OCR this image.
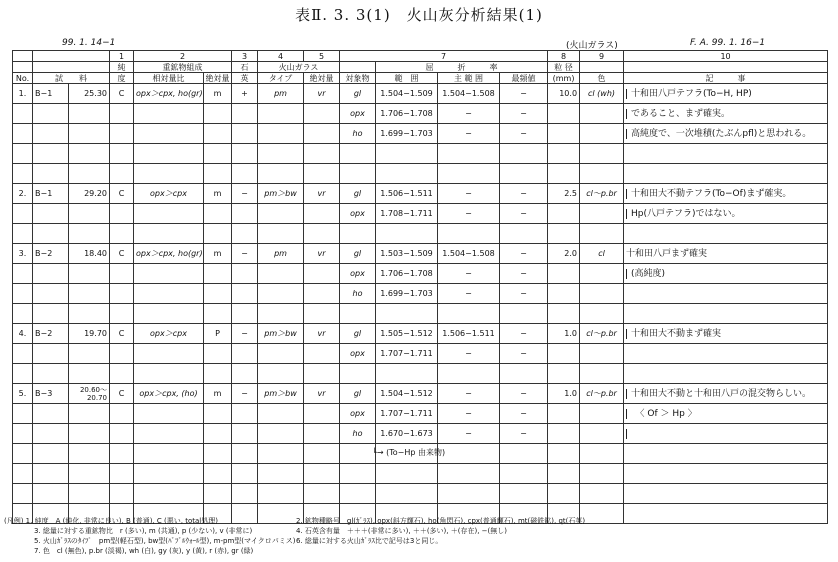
表Ⅱ. 3. 3(1)　火山灰分析結果(1)
99. 1. 14−1	(火山ガラス)	F. A. 99. 1. 16−1
			1	2		3	4	5	7				8	9	10
			純	重鉱物組成		石	火山ガラス			屈　　　折　　　率			粒 径		
No.	試　　料		度	相対量比	絶対量	英	タイプ	絶対量	対象物	範　囲	主 範 囲	最頻値	(mm)	色	記　　　事
1.	B−1	25.30	C	opx＞cpx, ho(gr)	m	+	pm	vr	gl	1.504−1.509	1.504−1.508	−	10.0	cl (wh)	十和田八戸テフラ(To−H, HP)
									opx	1.706−1.708	−	−			であること、まず確実。
									ho	1.699−1.703	−	−			高純度で、一次堆積(たぶんpfl)と思われる。

2.	B−1	29.20	C	opx＞cpx	m	−	pm＞bw	vr	gl	1.506−1.511	−	−	2.5	cl〜p.br	十和田大不動テフラ(To−Of)まず確実。
									opx	1.708−1.711	−	−			Hp(八戸テフラ)ではない。

3.	B−2	18.40	C	opx＞cpx, ho(gr)	m	−	pm	vr	gl	1.503−1.509	1.504−1.508	−	2.0	cl	十和田八戸まず確実
									opx	1.706−1.708	−	−			(高純度)
									ho	1.699−1.703	−	−			

4.	B−2	19.70	C	opx＞cpx	P	−	pm＞bw	vr	gl	1.505−1.512	1.506−1.511	−	1.0	cl〜p.br	十和田大不動まず確実
									opx	1.707−1.711	−	−			

5.	B−3	20.60〜20.70	C	opx＞cpx, (ho)	m	−	pm＞bw	vr	gl	1.504−1.512	−	−	1.0	cl〜p.br	十和田大不動と十和田八戸の混交物らしい。
									opx	1.707−1.711	−	−			　〈 Of ＞ Hp 〉
									ho	1.670−1.673	−	−			

└→ (To−Hp 由来物)
(凡例) 1. 純度　A (純化, 非常に良い), B (普通), C (悪い, total処理)
3. 総量に対する重鉱物比　r (多い), m (共通), p (少ない), v (非常に)
5. 火山ｶﾞﾗｽのﾀｲﾌﾟ　pm型(軽石型), bw型(ﾊﾞﾌﾞﾙｳｫｰﾙ型), m-pm型(マイクロパミス)
7. 色　cl (無色), p.br (淡褐), wh (白), gy (灰), y (黄), r (赤), gr (緑)
2. 鉱物種略号　gl(ｶﾞﾗｽ), opx(斜方輝石), ho(角閃石), cpx(普通輝石), mt(磁鉄鉱), qt(石英)
4. 石英含有量　＋＋＋(非常に多い), ＋＋(多い), ＋(存在), −(無し)
6. 総量に対する火山ｶﾞﾗｽ比で記号は3と同じ。
